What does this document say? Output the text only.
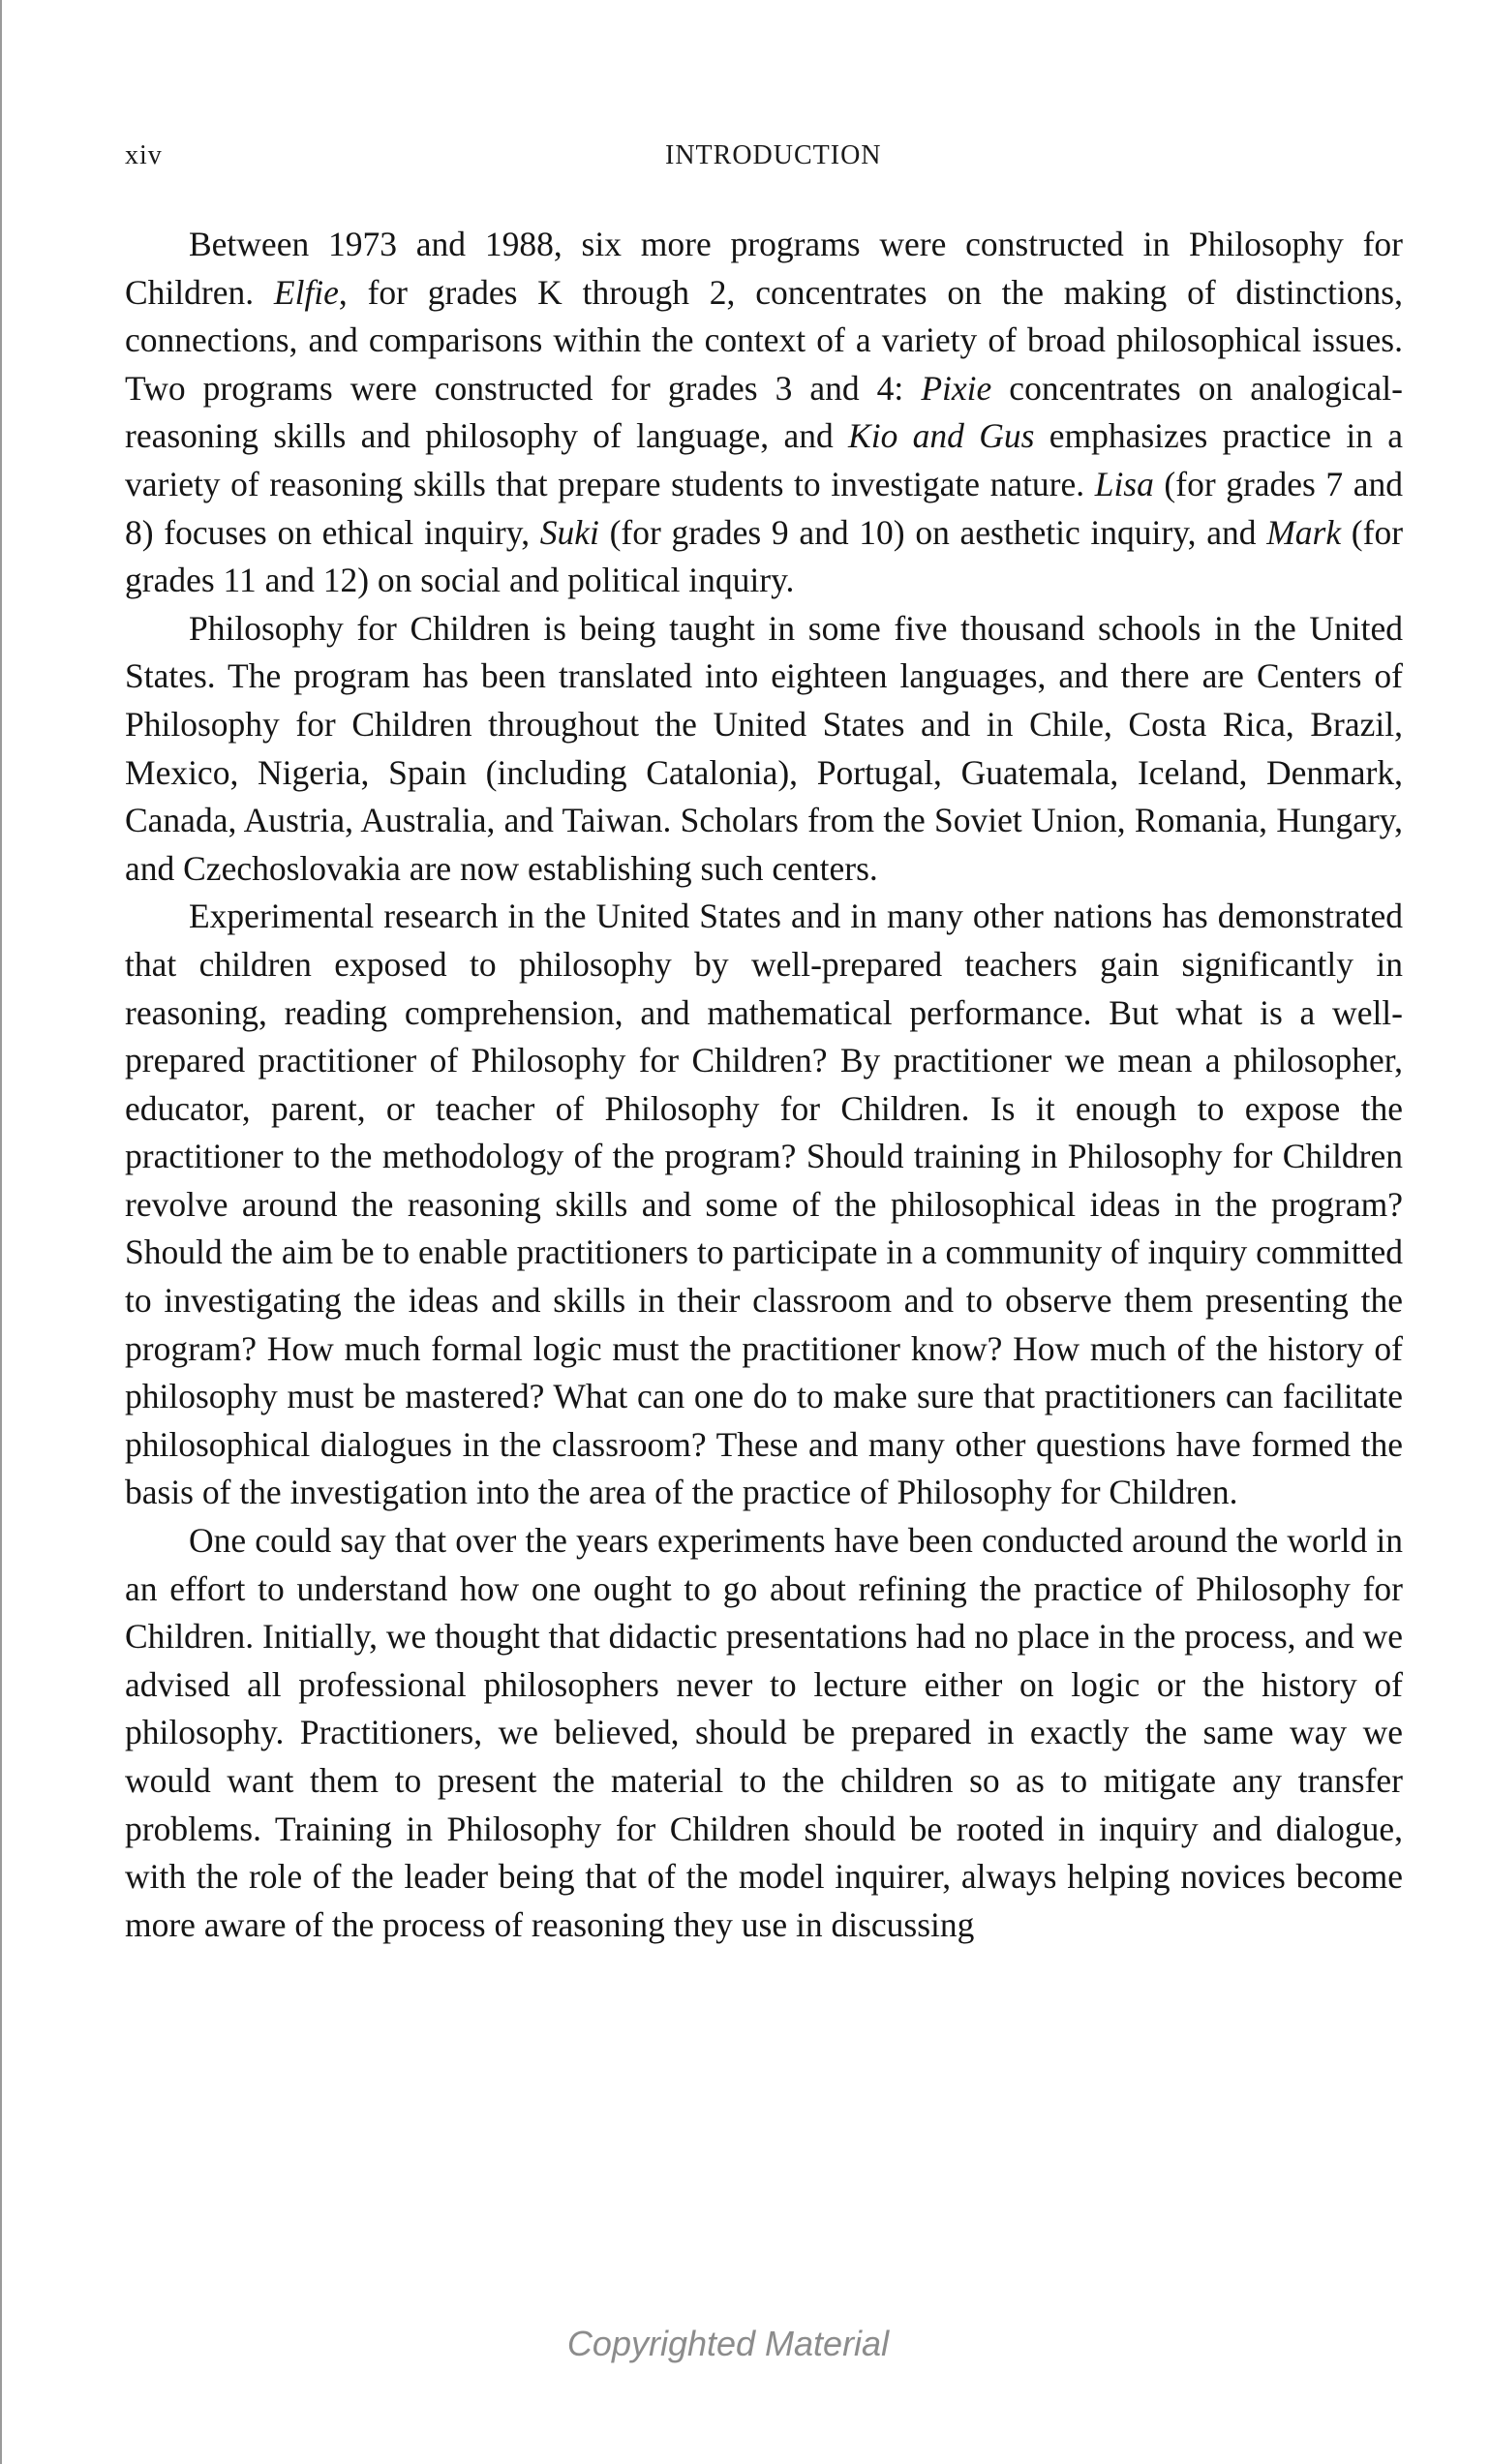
xiv	INTRODUCTION

Between 1973 and 1988, six more programs were constructed in Philosophy for Children. Elfie, for grades K through 2, concentrates on the making of distinctions, connections, and comparisons within the context of a variety of broad philosophical issues. Two programs were constructed for grades 3 and 4: Pixie concentrates on analogical-reasoning skills and philosophy of language, and Kio and Gus emphasizes practice in a variety of reasoning skills that prepare students to investigate nature. Lisa (for grades 7 and 8) focuses on ethical inquiry, Suki (for grades 9 and 10) on aesthetic inquiry, and Mark (for grades 11 and 12) on social and political inquiry.

Philosophy for Children is being taught in some five thousand schools in the United States. The program has been translated into eighteen languages, and there are Centers of Philosophy for Children throughout the United States and in Chile, Costa Rica, Brazil, Mexico, Nigeria, Spain (including Catalonia), Portugal, Guatemala, Iceland, Denmark, Canada, Austria, Australia, and Taiwan. Scholars from the Soviet Union, Romania, Hungary, and Czechoslovakia are now establishing such centers.

Experimental research in the United States and in many other nations has demonstrated that children exposed to philosophy by well-prepared teachers gain significantly in reasoning, reading comprehension, and mathematical performance. But what is a well-prepared practitioner of Philosophy for Children? By practitioner we mean a philosopher, educator, parent, or teacher of Philosophy for Children. Is it enough to expose the practitioner to the methodology of the program? Should training in Philosophy for Children revolve around the reasoning skills and some of the philosophical ideas in the program? Should the aim be to enable practitioners to participate in a community of inquiry committed to investigating the ideas and skills in their classroom and to observe them presenting the program? How much formal logic must the practitioner know? How much of the history of philosophy must be mastered? What can one do to make sure that practitioners can facilitate philosophical dialogues in the classroom? These and many other questions have formed the basis of the investigation into the area of the practice of Philosophy for Children.

One could say that over the years experiments have been conducted around the world in an effort to understand how one ought to go about refining the practice of Philosophy for Children. Initially, we thought that didactic presentations had no place in the process, and we advised all professional philosophers never to lecture either on logic or the history of philosophy. Practitioners, we believed, should be prepared in exactly the same way we would want them to present the material to the children so as to mitigate any transfer problems. Training in Philosophy for Children should be rooted in inquiry and dialogue, with the role of the leader being that of the model inquirer, always helping novices become more aware of the process of reasoning they use in discussing

Copyrighted Material
